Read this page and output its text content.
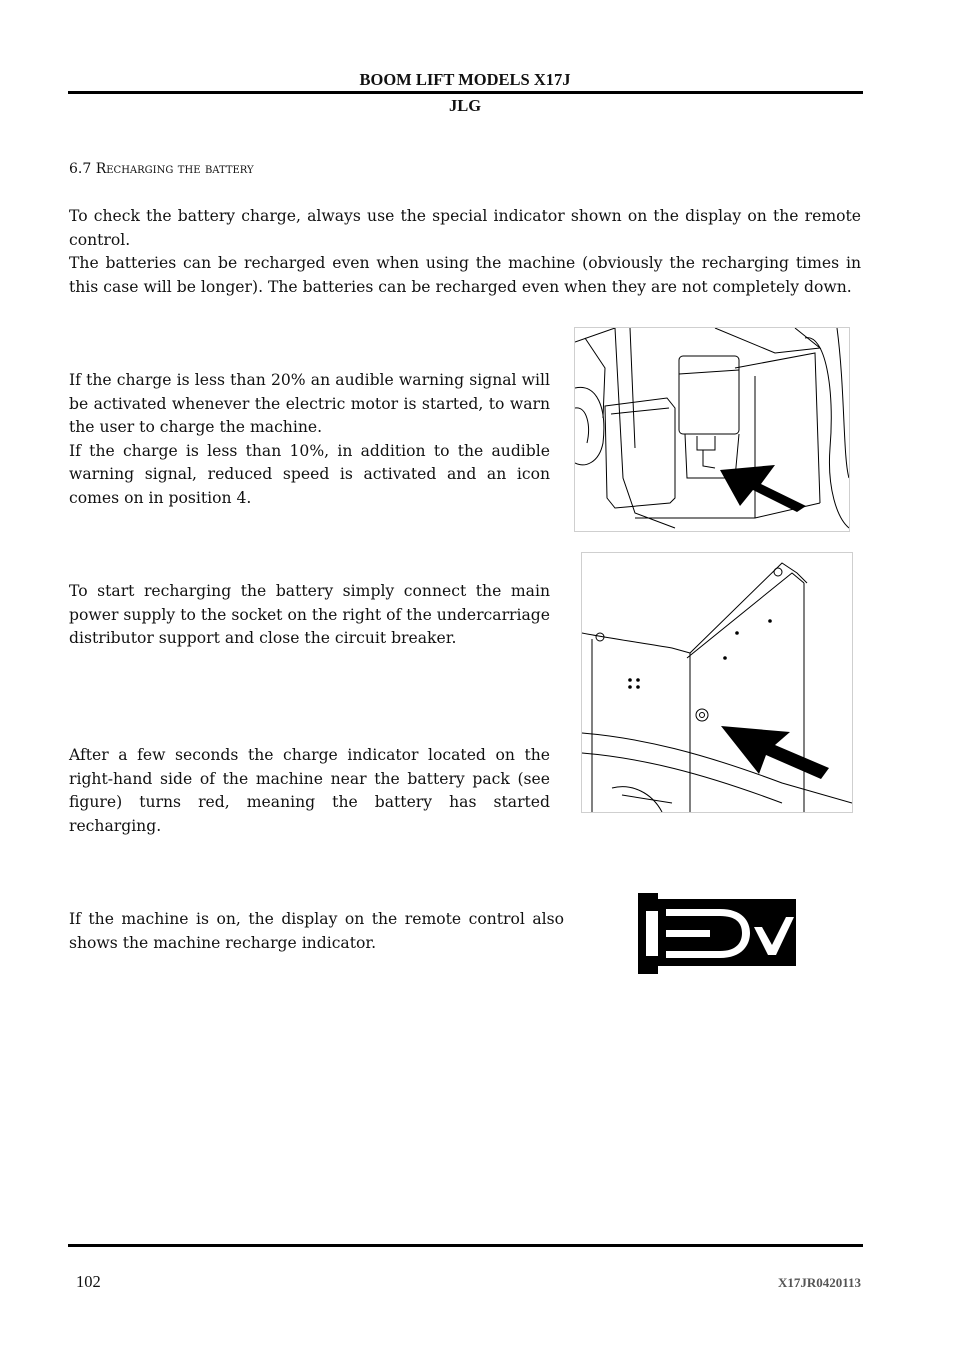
BOOM LIFT MODELS X17J
JLG
6.7 Recharging the battery
To check the battery charge, always use the special indicator shown on the display on the remote control.
The batteries can be recharged even when using the machine (obviously the recharging times in this case will be longer). The batteries can be recharged even when they are not completely down.
If the charge is less than 20% an audible warning signal will be activated whenever the electric motor is started, to warn the user to charge the machine.
If the charge is less than 10%, in addition to the audible warning signal, reduced speed is activated and an icon comes on in position 4.
To start recharging the battery simply connect the main power supply to the socket on the right of the undercarriage distributor support and close the circuit breaker.
After a few seconds the charge indicator located on the right-hand side of the machine near the battery pack (see figure) turns red, meaning the battery has started recharging.
If the machine is on, the display on the remote control also shows the machine recharge indicator.
102	X17JR0420113
